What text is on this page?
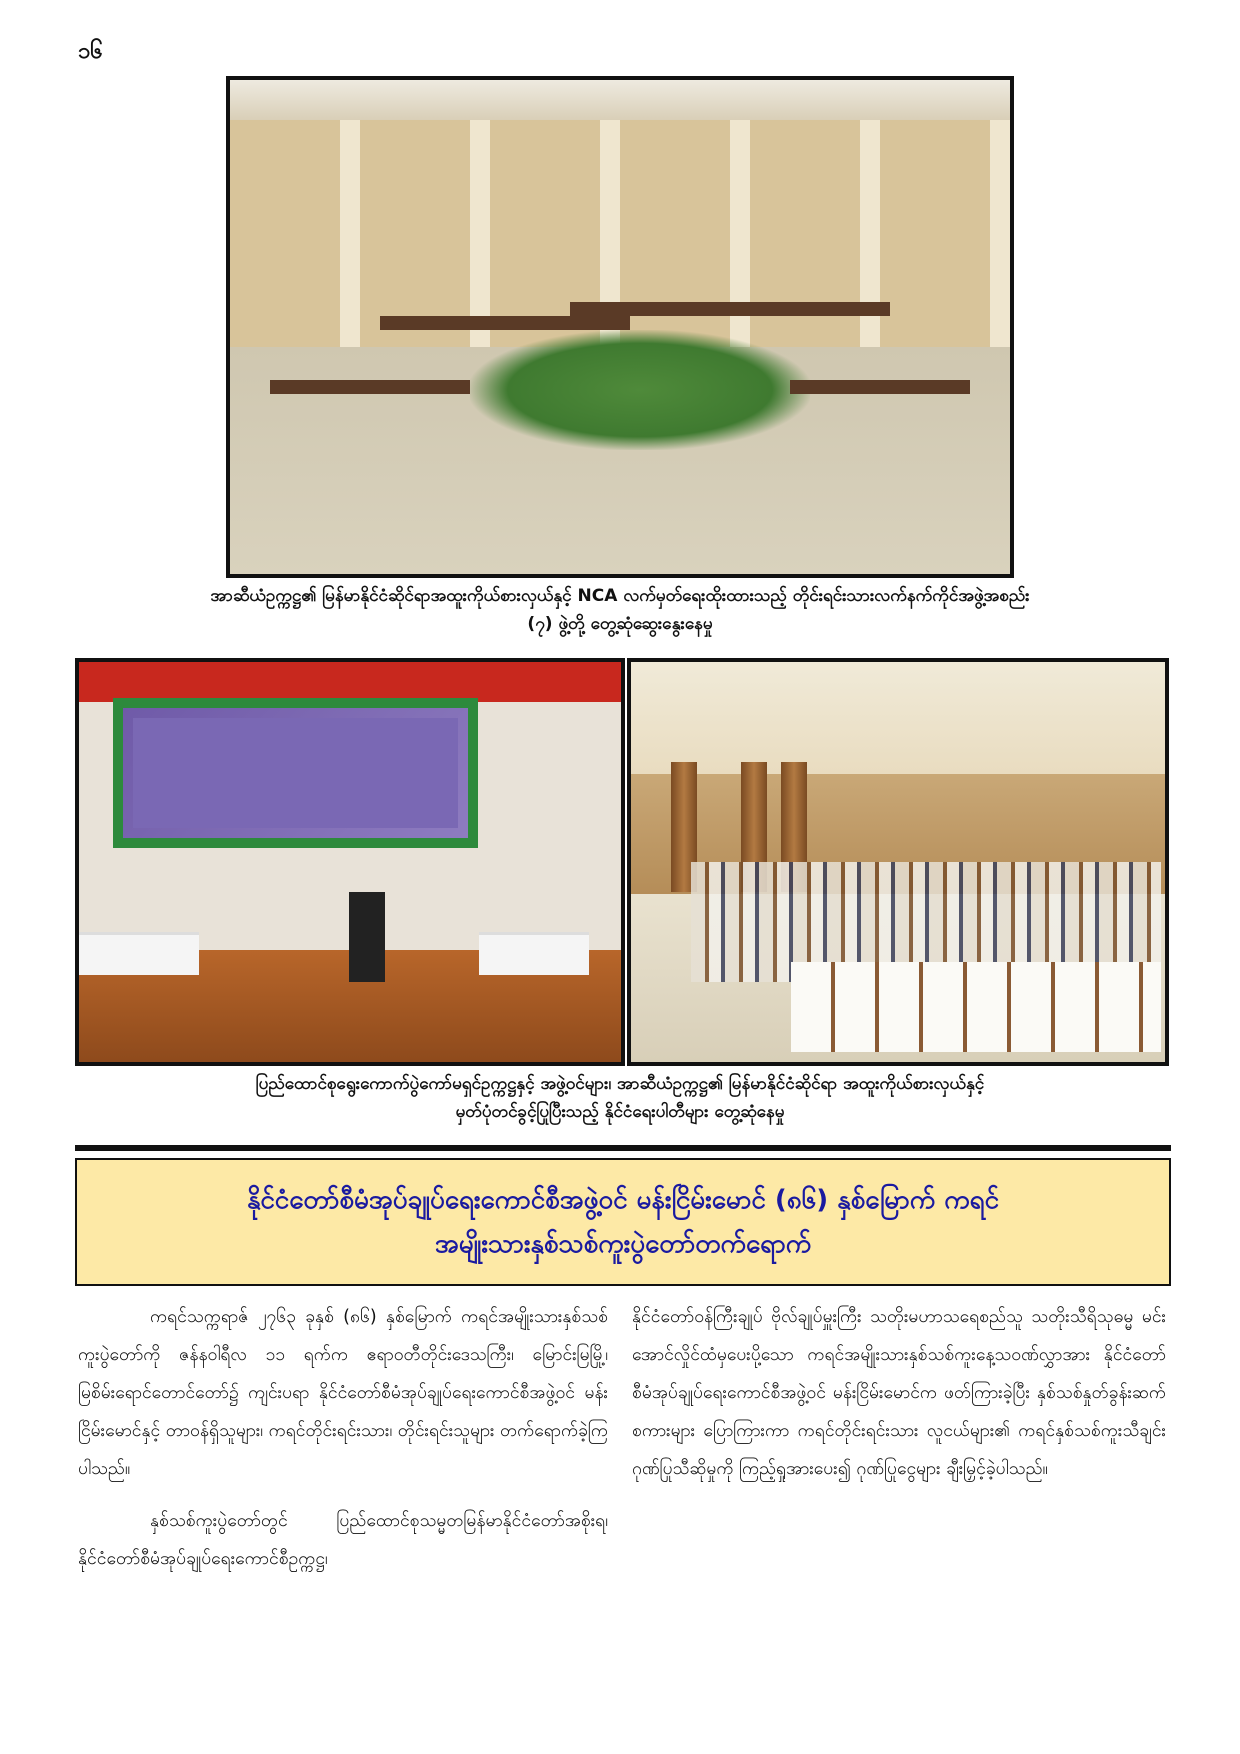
၁၆
အာဆီယံဥက္ကဋ္ဌ၏ မြန်မာနိုင်ငံဆိုင်ရာအထူးကိုယ်စားလှယ်နှင့် NCA လက်မှတ်ရေးထိုးထားသည့် တိုင်းရင်းသားလက်နက်ကိုင်အဖွဲ့အစည်း
(၇) ဖွဲ့တို့ တွေ့ဆုံဆွေးနွေးနေမှု
ပြည်ထောင်စုရွေးကောက်ပွဲကော်မရှင်ဥက္ကဋ္ဌနှင့် အဖွဲ့ဝင်များ၊ အာဆီယံဥက္ကဋ္ဌ၏ မြန်မာနိုင်ငံဆိုင်ရာ အထူးကိုယ်စားလှယ်နှင့်
မှတ်ပုံတင်ခွင့်ပြုပြီးသည့် နိုင်ငံရေးပါတီများ တွေ့ဆုံနေမှု
နိုင်ငံတော်စီမံအုပ်ချုပ်ရေးကောင်စီအဖွဲ့ဝင် မန်းငြိမ်းမောင် (၈၆) နှစ်မြောက် ကရင်
အမျိုးသားနှစ်သစ်ကူးပွဲတော်တက်ရောက်

ကရင်သက္ကရာဇ် ၂၇၆၃ ခုနှစ် (၈၆) နှစ်မြောက် ကရင်အမျိုးသားနှစ်သစ်ကူးပွဲတော်ကို ဇန်နဝါရီလ ၁၁ ရက်က ဧရာဝတီတိုင်းဒေသကြီး၊ မြောင်းမြမြို့၊ မြစိမ်းရောင်တောင်တော်၌ ကျင်းပရာ နိုင်ငံတော်စီမံအုပ်ချုပ်ရေးကောင်စီအဖွဲ့ဝင် မန်းငြိမ်းမောင်နှင့် တာဝန်ရှိသူများ၊ ကရင်တိုင်းရင်းသား၊ တိုင်းရင်းသူများ တက်ရောက်ခဲ့ကြပါသည်။

နှစ်သစ်ကူးပွဲတော်တွင် ပြည်ထောင်စုသမ္မတမြန်မာနိုင်ငံတော်အစိုးရ၊ နိုင်ငံတော်စီမံအုပ်ချုပ်ရေးကောင်စီဥက္ကဋ္ဌ၊

နိုင်ငံတော်ဝန်ကြီးချုပ် ဗိုလ်ချုပ်မှူးကြီး သတိုးမဟာသရေစည်သူ သတိုးသီရိသုဓမ္မ မင်းအောင်လှိုင်ထံမှပေးပို့သော ကရင်အမျိုးသားနှစ်သစ်ကူးနေ့သဝဏ်လွှာအား နိုင်ငံတော်စီမံအုပ်ချုပ်ရေးကောင်စီအဖွဲ့ဝင် မန်းငြိမ်းမောင်က ဖတ်ကြားခဲ့ပြီး နှစ်သစ်နှုတ်ခွန်းဆက်စကားများ ပြောကြားကာ ကရင်တိုင်းရင်းသား လူငယ်များ၏ ကရင်နှစ်သစ်ကူးသီချင်း ဂုဏ်ပြုသီဆိုမှုကို ကြည့်ရှုအားပေး၍ ဂုဏ်ပြုငွေများ ချီးမြှင့်ခဲ့ပါသည်။
